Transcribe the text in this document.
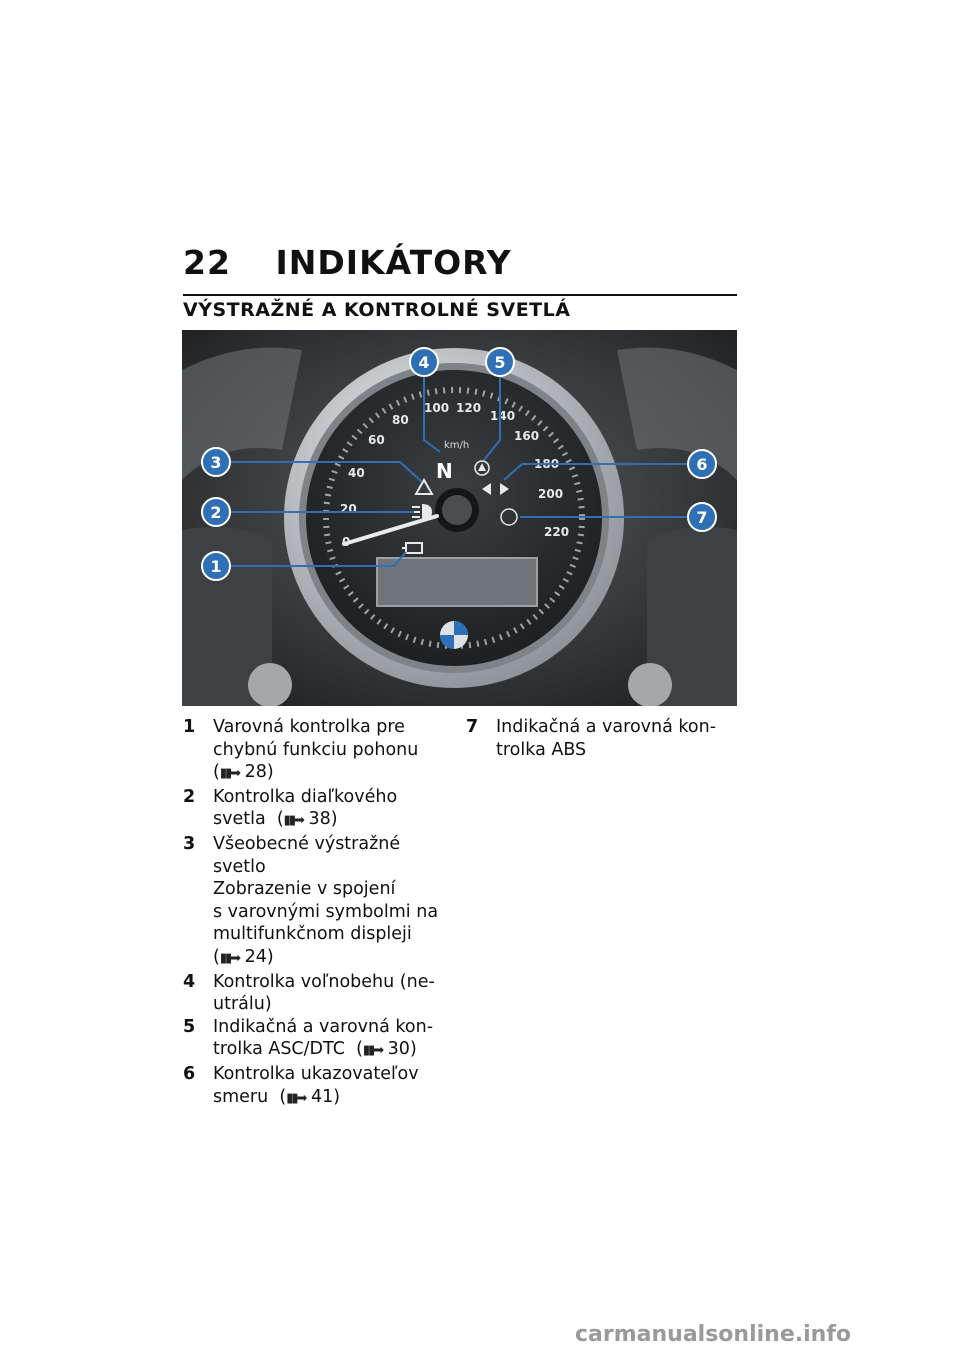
22 INDIKÁTORY
VÝSTRAŽNÉ A KONTROLNÉ SVETLÁ
0
20
40
60
80
100 120
140
160
180
200
220
km/h
N
1
2
3
4	5
6
7
1	Varovná kontrolka pre
chybnú funkciu pohonu
(▮▮➡ 28)
2	Kontrolka diaľkového
svetla (▮▮➡ 38)
3	Všeobecné výstražné
svetlo
Zobrazenie v spojení
s varovnými symbolmi na
multifunkčnom displeji
(▮▮➡ 24)
4	Kontrolka voľnobehu (ne-
utrálu)
5	Indikačná a varovná kon-
trolka ASC/DTC (▮▮➡ 30)
6	Kontrolka ukazovateľov
smeru (▮▮➡ 41)
7	Indikačná a varovná kon-
trolka ABS
carmanualsonline.info
